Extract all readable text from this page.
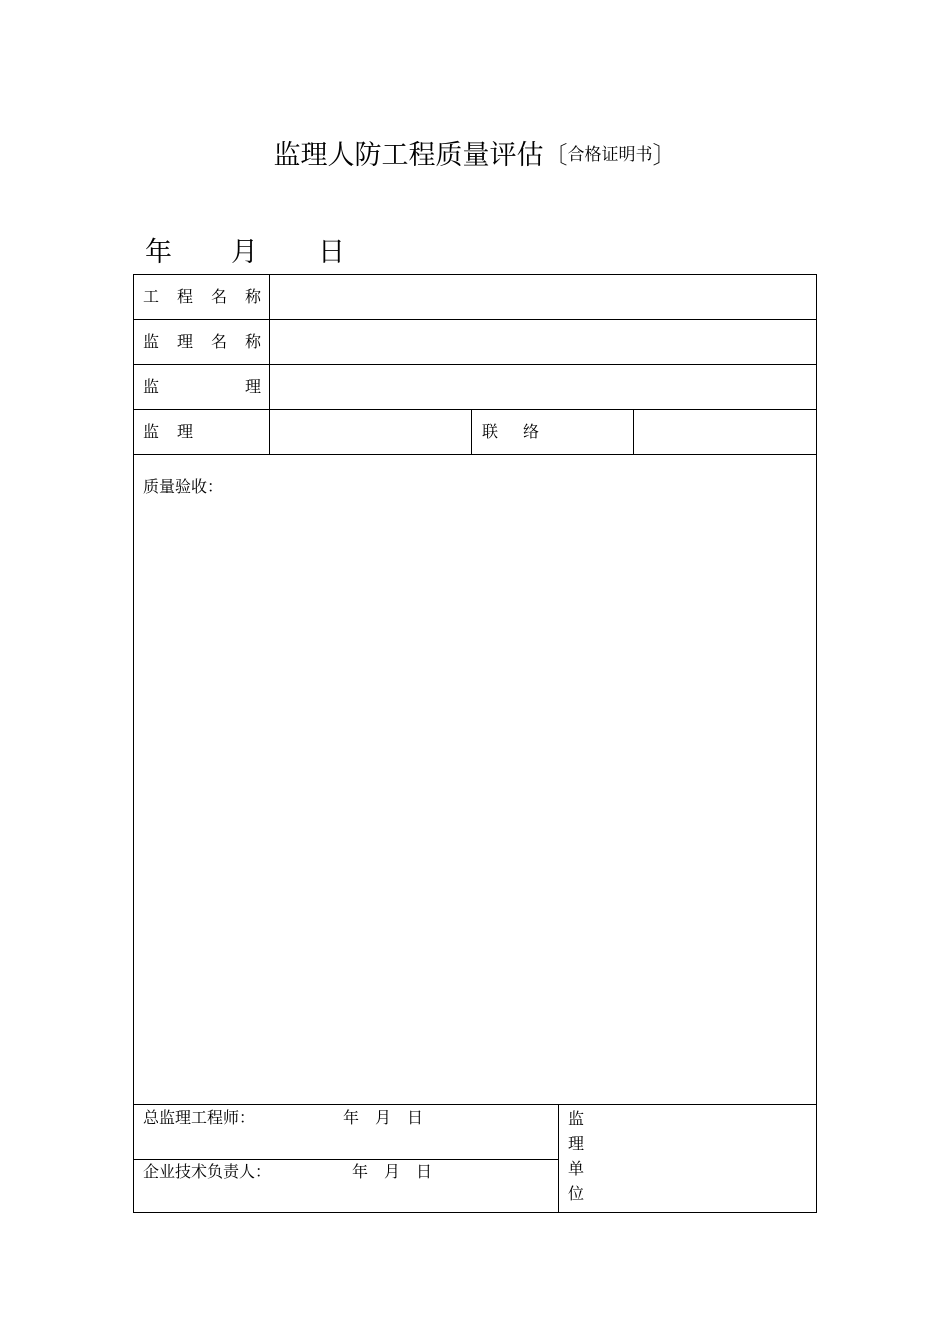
监理人防工程质量评估〔合格证明书〕
年 月 日
工 程 名 称
监 理 名 称
监	理
监 理	联 络
质量验收：
总监理工程师：	年　月　日
企业技术负责人：	年　月　日
监
理
单
位
